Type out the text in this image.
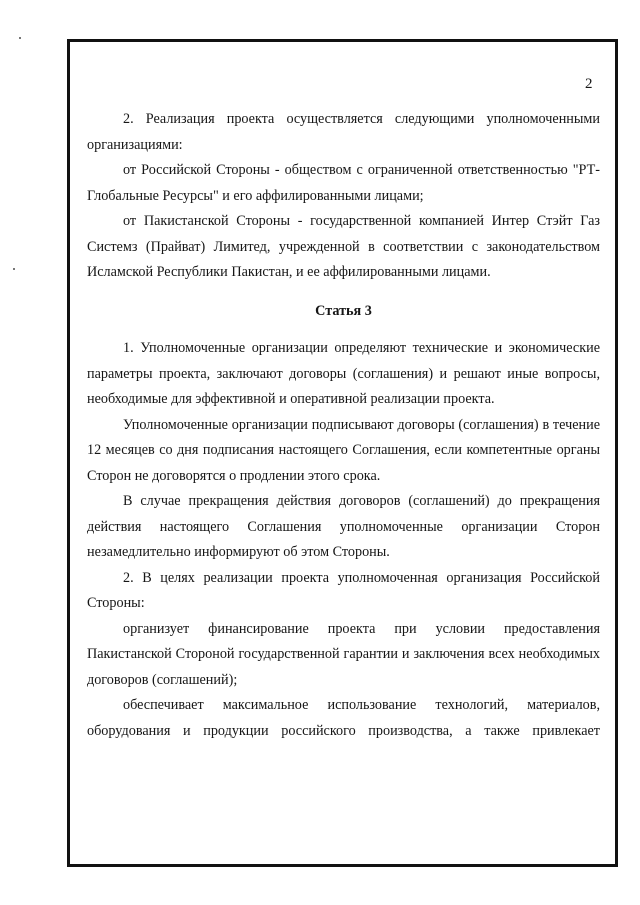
2

2. Реализация проекта осуществляется следующими уполномоченными организациями:

от Российской Стороны - обществом с ограниченной ответственностью "РТ-Глобальные Ресурсы" и его аффилированными лицами;

от Пакистанской Стороны - государственной компанией Интер Стэйт Газ Системз (Прайват) Лимитед, учрежденной в соответствии с законодательством Исламской Республики Пакистан, и ее аффилированными лицами.

Статья 3

1. Уполномоченные организации определяют технические и экономические параметры проекта, заключают договоры (соглашения) и решают иные вопросы, необходимые для эффективной и оперативной реализации проекта.

Уполномоченные организации подписывают договоры (соглашения) в течение 12 месяцев со дня подписания настоящего Соглашения, если компетентные органы Сторон не договорятся о продлении этого срока.

В случае прекращения действия договоров (соглашений) до прекращения действия настоящего Соглашения уполномоченные организации Сторон незамедлительно информируют об этом Стороны.

2. В целях реализации проекта уполномоченная организация Российской Стороны:

организует финансирование проекта при условии предоставления Пакистанской Стороной государственной гарантии и заключения всех необходимых договоров (соглашений);

обеспечивает максимальное использование технологий, материалов, оборудования и продукции российского производства, а также привлекает
